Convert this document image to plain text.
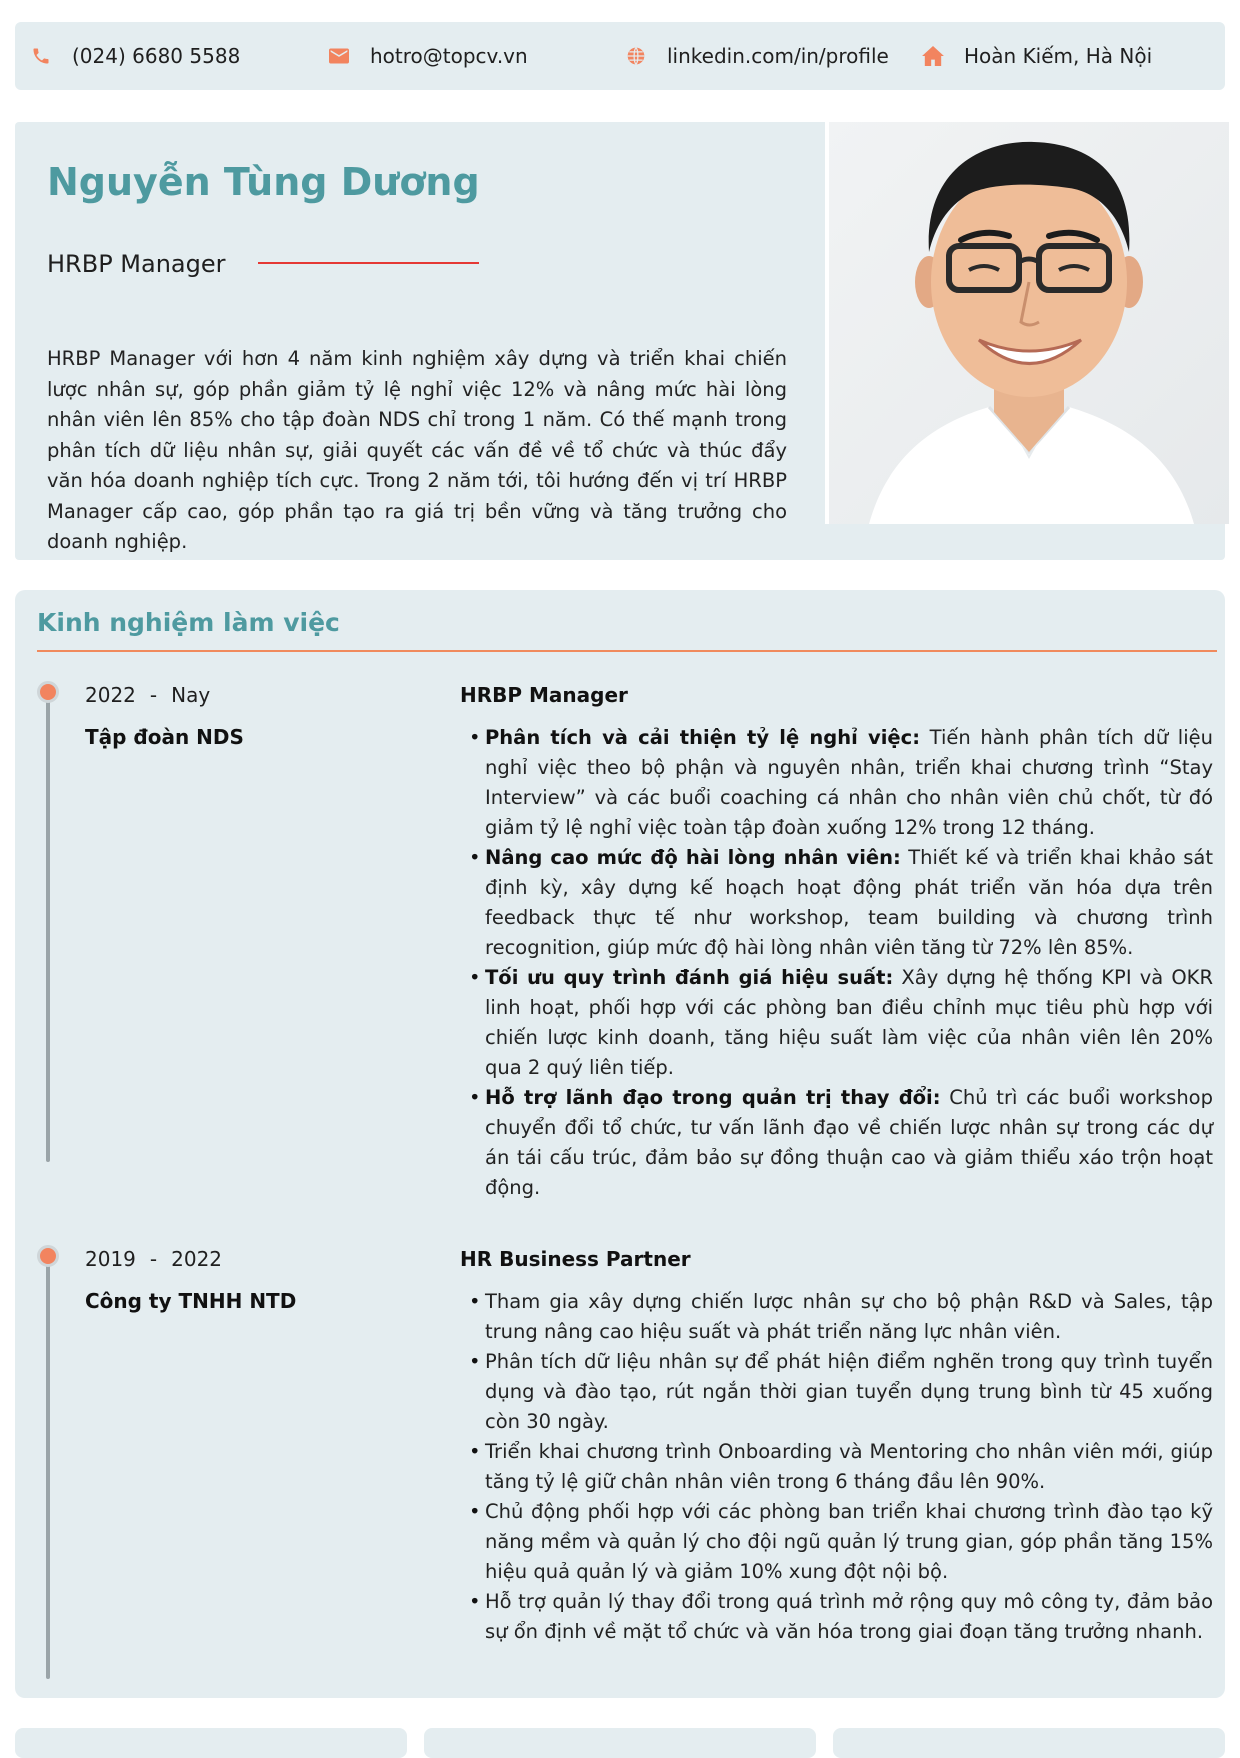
(024) 6680 5588	hotro@topcv.vn	linkedin.com/in/profile	Hoàn Kiếm, Hà Nội
Nguyễn Tùng Dương
HRBP Manager
HRBP Manager với hơn 4 năm kinh nghiệm xây dựng và triển khai chiến lược nhân sự, góp phần giảm tỷ lệ nghỉ việc 12% và nâng mức hài lòng nhân viên lên 85% cho tập đoàn NDS chỉ trong 1 năm. Có thế mạnh trong phân tích dữ liệu nhân sự, giải quyết các vấn đề về tổ chức và thúc đẩy văn hóa doanh nghiệp tích cực. Trong 2 năm tới, tôi hướng đến vị trí HRBP Manager cấp cao, góp phần tạo ra giá trị bền vững và tăng trưởng cho doanh nghiệp.
Kinh nghiệm làm việc
2022 - Nay
Tập đoàn NDS
HRBP Manager
• Phân tích và cải thiện tỷ lệ nghỉ việc: Tiến hành phân tích dữ liệu nghỉ việc theo bộ phận và nguyên nhân, triển khai chương trình “Stay Interview” và các buổi coaching cá nhân cho nhân viên chủ chốt, từ đó giảm tỷ lệ nghỉ việc toàn tập đoàn xuống 12% trong 12 tháng.
• Nâng cao mức độ hài lòng nhân viên: Thiết kế và triển khai khảo sát định kỳ, xây dựng kế hoạch hoạt động phát triển văn hóa dựa trên feedback thực tế như workshop, team building và chương trình recognition, giúp mức độ hài lòng nhân viên tăng từ 72% lên 85%.
• Tối ưu quy trình đánh giá hiệu suất: Xây dựng hệ thống KPI và OKR linh hoạt, phối hợp với các phòng ban điều chỉnh mục tiêu phù hợp với chiến lược kinh doanh, tăng hiệu suất làm việc của nhân viên lên 20% qua 2 quý liên tiếp.
• Hỗ trợ lãnh đạo trong quản trị thay đổi: Chủ trì các buổi workshop chuyển đổi tổ chức, tư vấn lãnh đạo về chiến lược nhân sự trong các dự án tái cấu trúc, đảm bảo sự đồng thuận cao và giảm thiểu xáo trộn hoạt động.
2019 - 2022
Công ty TNHH NTD
HR Business Partner
• Tham gia xây dựng chiến lược nhân sự cho bộ phận R&D và Sales, tập trung nâng cao hiệu suất và phát triển năng lực nhân viên.
• Phân tích dữ liệu nhân sự để phát hiện điểm nghẽn trong quy trình tuyển dụng và đào tạo, rút ngắn thời gian tuyển dụng trung bình từ 45 xuống còn 30 ngày.
• Triển khai chương trình Onboarding và Mentoring cho nhân viên mới, giúp tăng tỷ lệ giữ chân nhân viên trong 6 tháng đầu lên 90%.
• Chủ động phối hợp với các phòng ban triển khai chương trình đào tạo kỹ năng mềm và quản lý cho đội ngũ quản lý trung gian, góp phần tăng 15% hiệu quả quản lý và giảm 10% xung đột nội bộ.
• Hỗ trợ quản lý thay đổi trong quá trình mở rộng quy mô công ty, đảm bảo sự ổn định về mặt tổ chức và văn hóa trong giai đoạn tăng trưởng nhanh.
